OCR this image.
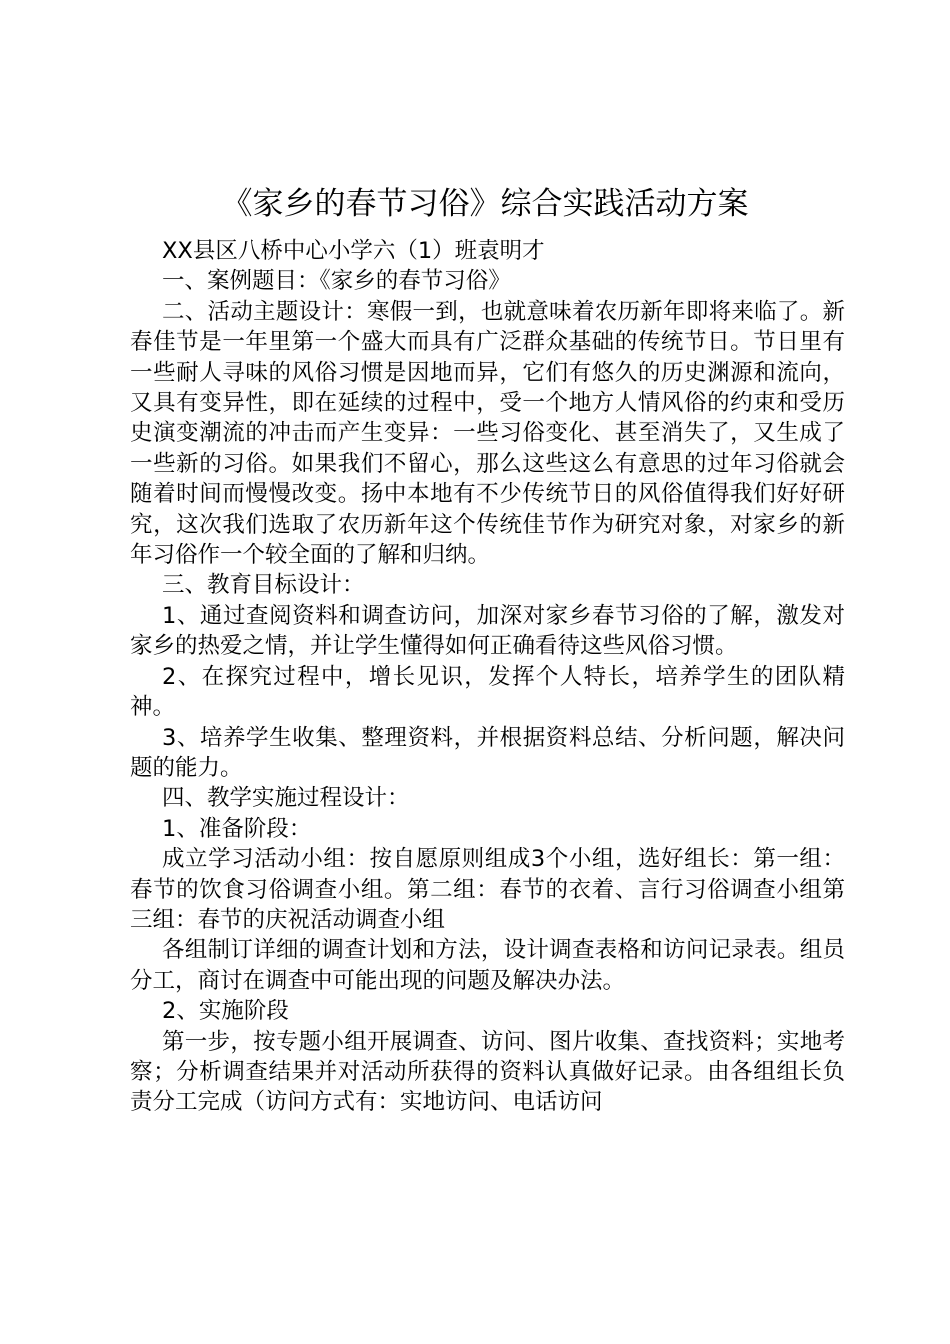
《家乡的春节习俗》综合实践活动方案

XX县区八桥中心小学六（1）班袁明才

一、案例题目：《家乡的春节习俗》

二、活动主题设计：寒假一到，也就意味着农历新年即将来临了。新春佳节是一年里第一个盛大而具有广泛群众基础的传统节日。节日里有一些耐人寻味的风俗习惯是因地而异，它们有悠久的历史渊源和流向，又具有变异性，即在延续的过程中，受一个地方人情风俗的约束和受历史演变潮流的冲击而产生变异：一些习俗变化、甚至消失了，又生成了一些新的习俗。如果我们不留心，那么这些这么有意思的过年习俗就会随着时间而慢慢改变。扬中本地有不少传统节日的风俗值得我们好好研究，这次我们选取了农历新年这个传统佳节作为研究对象，对家乡的新年习俗作一个较全面的了解和归纳。

三、教育目标设计：

1、通过查阅资料和调查访问，加深对家乡春节习俗的了解，激发对家乡的热爱之情，并让学生懂得如何正确看待这些风俗习惯。

2、在探究过程中，增长见识，发挥个人特长，培养学生的团队精神。

3、培养学生收集、整理资料，并根据资料总结、分析问题，解决问题的能力。

四、教学实施过程设计：

1、准备阶段：

成立学习活动小组：按自愿原则组成3个小组，选好组长：第一组：春节的饮食习俗调查小组。第二组：春节的衣着、言行习俗调查小组第三组：春节的庆祝活动调查小组

各组制订详细的调查计划和方法，设计调查表格和访问记录表。组员分工，商讨在调查中可能出现的问题及解决办法。

2、实施阶段

第一步，按专题小组开展调查、访问、图片收集、查找资料；实地考察；分析调查结果并对活动所获得的资料认真做好记录。由各组组长负责分工完成（访问方式有：实地访问、电话访问
